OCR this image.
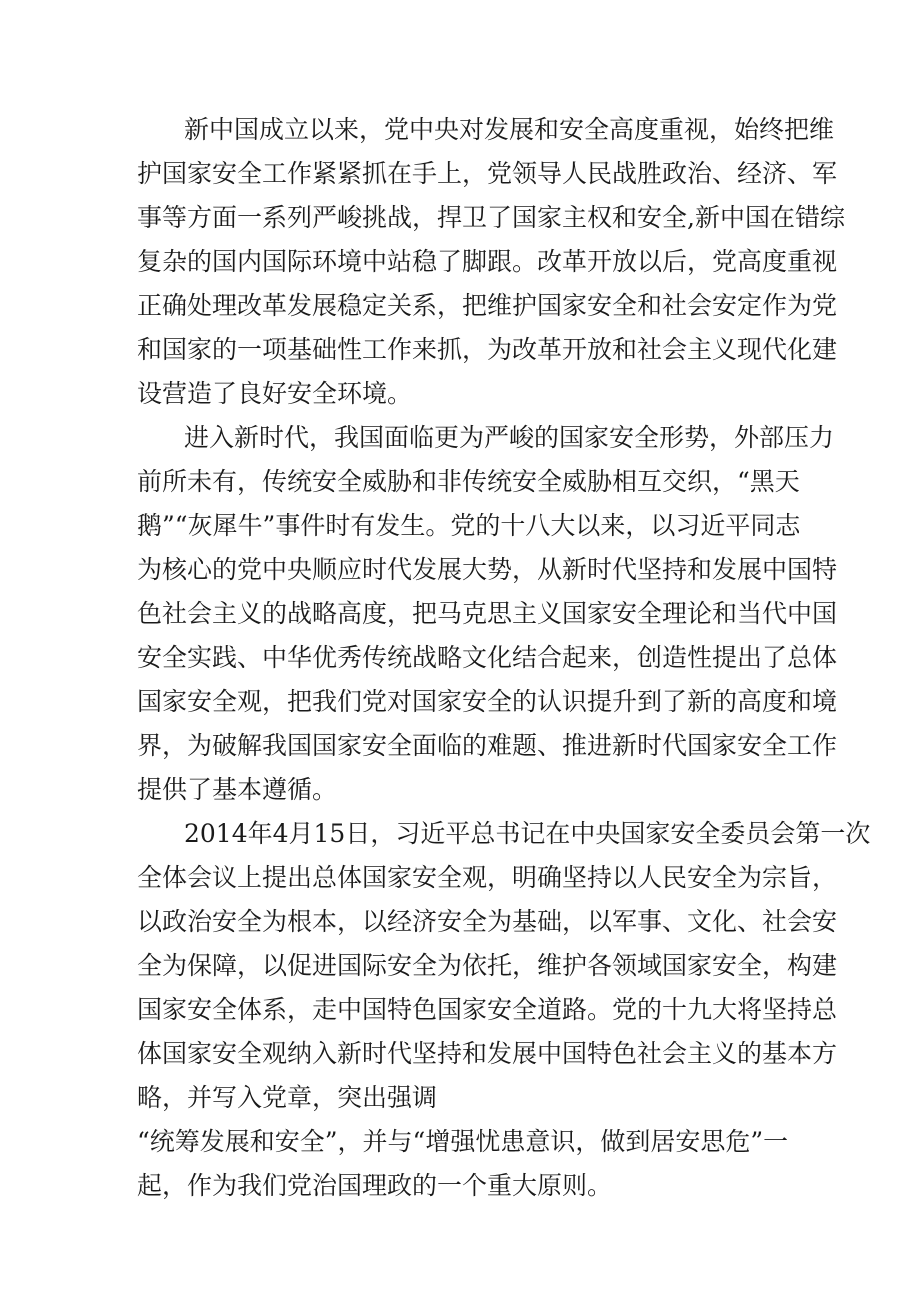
新中国成立以来，党中央对发展和安全高度重视，始终把维
护国家安全工作紧紧抓在手上，党领导人民战胜政治、经济、军
事等方面一系列严峻挑战，捍卫了国家主权和安全,新中国在错综
复杂的国内国际环境中站稳了脚跟。改革开放以后，党高度重视
正确处理改革发展稳定关系，把维护国家安全和社会安定作为党
和国家的一项基础性工作来抓，为改革开放和社会主义现代化建
设营造了良好安全环境。
进入新时代，我国面临更为严峻的国家安全形势，外部压力
前所未有，传统安全威胁和非传统安全威胁相互交织，“黑天
鹅”“灰犀牛”事件时有发生。党的十八大以来，以习近平同志
为核心的党中央顺应时代发展大势，从新时代坚持和发展中国特
色社会主义的战略高度，把马克思主义国家安全理论和当代中国
安全实践、中华优秀传统战略文化结合起来，创造性提出了总体
国家安全观，把我们党对国家安全的认识提升到了新的高度和境
界，为破解我国国家安全面临的难题、推进新时代国家安全工作
提供了基本遵循。
2014年4月15日，习近平总书记在中央国家安全委员会第一次
全体会议上提出总体国家安全观，明确坚持以人民安全为宗旨，
以政治安全为根本，以经济安全为基础，以军事、文化、社会安
全为保障，以促进国际安全为依托，维护各领域国家安全，构建
国家安全体系，走中国特色国家安全道路。党的十九大将坚持总
体国家安全观纳入新时代坚持和发展中国特色社会主义的基本方
略，并写入党章，突出强调
“统筹发展和安全”，并与“增强忧患意识，做到居安思危”一
起，作为我们党治国理政的一个重大原则。
